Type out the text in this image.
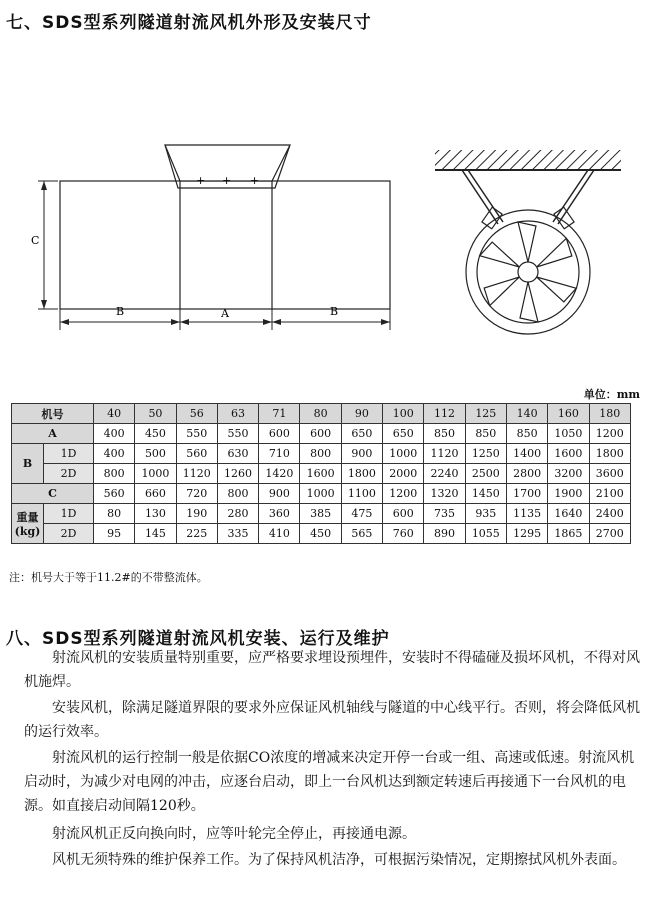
七、SDS型系列隧道射流风机外形及安装尺寸
+ + +
C
B	A	B
单位：mm
机号		40	50	56	63	71	80	90	100	112	125	140	160	180
A		400	450	550	550	600	600	650	650	850	850	850	1050	1200
B	1D	400	500	560	630	710	800	900	1000	1120	1250	1400	1600	1800
	2D	800	1000	1120	1260	1420	1600	1800	2000	2240	2500	2800	3200	3600
C		560	660	720	800	900	1000	1100	1200	1320	1450	1700	1900	2100

重量
(kg)	1D	80	130	190	280	360	385	475	600	735	935	1135	1640	2400
	2D	95	145	225	335	410	450	565	760	890	1055	1295	1865	2700
注：机号大于等于11.2#的不带整流体。
八、SDS型系列隧道射流风机安装、运行及维护

射流风机的安装质量特别重要，应严格要求埋设预埋件，安装时不得磕碰及损坏风机，不得对风机施焊。

安装风机，除满足隧道界限的要求外应保证风机轴线与隧道的中心线平行。否则，将会降低风机的运行效率。

射流风机的运行控制一般是依据CO浓度的增减来决定开停一台或一组、高速或低速。射流风机启动时，为减少对电网的冲击，应逐台启动，即上一台风机达到额定转速后再接通下一台风机的电源。如直接启动间隔120秒。

射流风机正反向换向时，应等叶轮完全停止，再接通电源。

风机无须特殊的维护保养工作。为了保持风机洁净，可根据污染情况，定期擦拭风机外表面。
